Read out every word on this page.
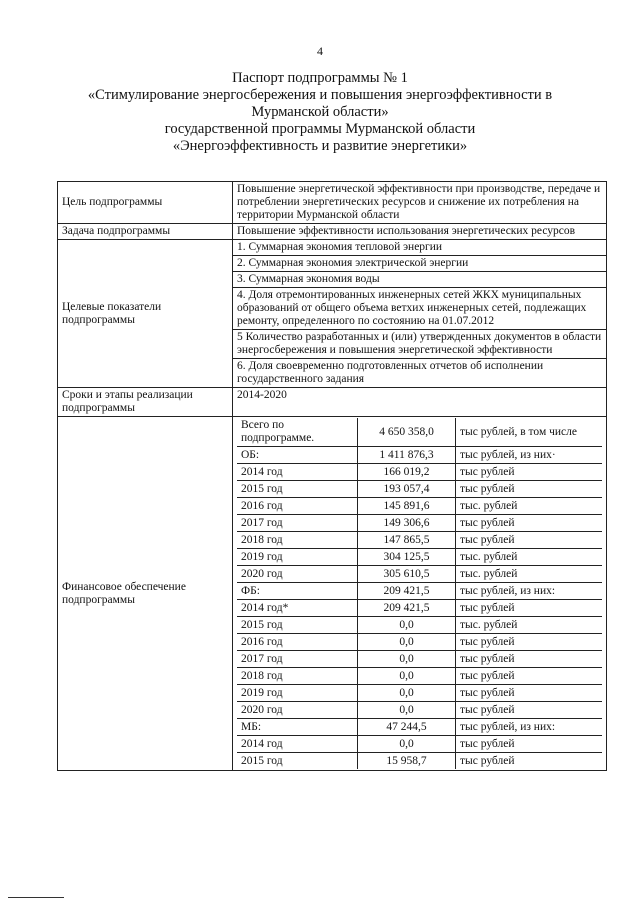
4
Паспорт подпрограммы № 1
«Стимулирование энергосбережения и повышения энергоэффективности в
Мурманской области»
государственной программы Мурманской области
«Энергоэффективность и развитие энергетики»
Цель подпрограммы	Повышение энергетической эффективности при производстве, передаче и потреблении энергетических ресурсов и снижение их потребления на территории Мурманской области
Задача подпрограммы	Повышение эффективности использования энергетических ресурсов
Целевые показатели подпрограммы	1. Суммарная экономия тепловой энергии
2. Суммарная экономия электрической энергии
3. Суммарная экономия воды
4. Доля отремонтированных инженерных сетей ЖКХ муниципальных образований от общего объема ветхих инженерных сетей, подлежащих ремонту, определенного по состоянию на 01.07.2012
5 Количество разработанных и (или) утвержденных документов в области энергосбережения и повышения энергетической эффективности
6. Доля своевременно подготовленных отчетов об исполнении государственного задания
Сроки и этапы реализации подпрограммы	2014-2020
Финансовое обеспечение подпрограммы	
Всего по подпрограмме.	4 650 358,0	тыс рублей, в том числе
ОБ:	1 411 876,3	тыс рублей, из них·
2014 год	166 019,2	тыс рублей
2015 год	193 057,4	тыс рублей
2016 год	145 891,6	тыс. рублей
2017 год	149 306,6	тыс рублей
2018 год	147 865,5	тыс рублей
2019 год	304 125,5	тыс. рублей
2020 год	305 610,5	тыс. рублей
ФБ:	209 421,5	тыс рублей, из них:
2014 год*	209 421,5	тыс рублей
2015 год	0,0	тыс. рублей
2016 год	0,0	тыс рублей
2017 год	0,0	тыс рублей
2018 год	0,0	тыс рублей
2019 год	0,0	тыс рублей
2020 год	0,0	тыс рублей
МБ:	47 244,5	тыс рублей, из них:
2014 год	0,0	тыс рублей
2015 год	15 958,7	тыс рублей
